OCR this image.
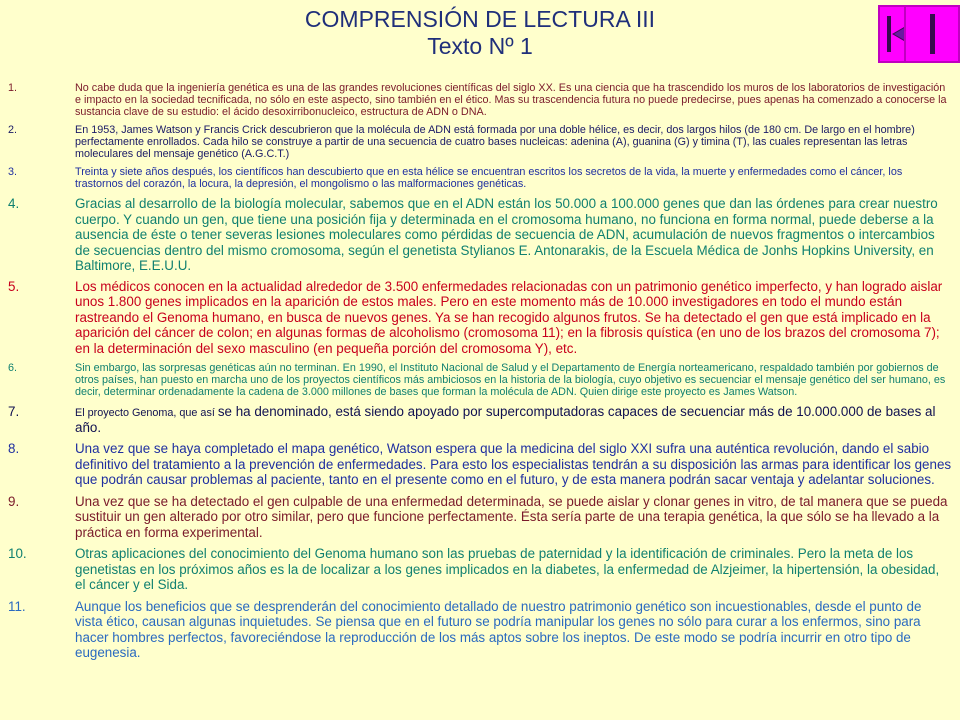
COMPRENSIÓN DE LECTURA III
Texto Nº 1
1.	No cabe duda que la ingeniería genética es una de las grandes revoluciones científicas del siglo XX. Es una ciencia que ha trascendido los muros de los laboratorios de investigación e impacto en la sociedad tecnificada, no sólo en este aspecto, sino también en el ético. Mas su trascendencia futura no puede predecirse, pues apenas ha comenzado a conocerse la sustancia clave de su estudio: el ácido desoxirribonucleico, estructura de ADN o DNA.
2.	En 1953, James Watson y Francis Crick descubrieron que la molécula de ADN está formada por una doble hélice, es decir, dos largos hilos (de 180 cm. De largo en el hombre) perfectamente enrollados. Cada hilo se construye a partir de una secuencia de cuatro bases nucleicas: adenina (A), guanina (G) y timina (T), las cuales representan las letras moleculares del mensaje genético (A.G.C.T.)
3.	Treinta y siete años después, los científicos han descubierto que en esta hélice se encuentran escritos los secretos de la vida, la muerte y enfermedades como el cáncer, los trastornos del corazón, la locura, la depresión, el mongolismo o las malformaciones genéticas.
4.	Gracias al desarrollo de la biología molecular, sabemos que en el ADN están los 50.000 a 100.000 genes que dan las órdenes para crear nuestro cuerpo. Y cuando un gen, que tiene una posición fija y determinada en el cromosoma humano, no funciona en forma normal, puede deberse a la ausencia de éste o tener severas lesiones moleculares como pérdidas de secuencia de ADN, acumulación de nuevos fragmentos o intercambios de secuencias dentro del mismo cromosoma, según el genetista Stylianos E. Antonarakis, de la Escuela Médica de Jonhs Hopkins University, en Baltimore, E.E.U.U.
5.	Los médicos conocen en la actualidad alrededor de 3.500 enfermedades relacionadas con un patrimonio genético imperfecto, y han logrado aislar unos 1.800 genes implicados en la aparición de estos males. Pero en este momento más de 10.000 investigadores en todo el mundo están rastreando el Genoma humano, en busca de nuevos genes. Ya se han recogido algunos frutos. Se ha detectado el gen que está implicado en la aparición del cáncer de colon; en algunas formas de alcoholismo (cromosoma 11); en la fibrosis quística (en uno de los brazos del cromosoma 7); en la determinación del sexo masculino (en pequeña porción del cromosoma Y), etc.
6.	Sin embargo, las sorpresas genéticas aún no terminan. En 1990, el Instituto Nacional de Salud y el Departamento de Energía norteamericano, respaldado también por gobiernos de otros países, han puesto en marcha uno de los proyectos científicos más ambiciosos en la historia de la biología, cuyo objetivo es secuenciar el mensaje genético del ser humano, es decir, determinar ordenadamente la cadena de 3.000 millones de bases que forman la molécula de ADN. Quien dirige este proyecto es James Watson.
7.	El proyecto Genoma, que así se ha denominado, está siendo apoyado por supercomputadoras capaces de secuenciar más de 10.000.000 de bases al año.
8.	Una vez que se haya completado el mapa genético, Watson espera que la medicina del siglo XXI sufra una auténtica revolución, dando el sabio definitivo del tratamiento a la prevención de enfermedades. Para esto los especialistas tendrán a su disposición las armas para identificar los genes que podrán causar problemas al paciente, tanto en el presente como en el futuro, y de esta manera podrán sacar ventaja y adelantar soluciones.
9.	Una vez que se ha detectado el gen culpable de una enfermedad determinada, se puede aislar y clonar genes in vitro, de tal manera que se pueda sustituir un gen alterado por otro similar, pero que funcione perfectamente. Ésta sería parte de una terapia genética, la que sólo se ha llevado a la práctica en forma experimental.
10.	Otras aplicaciones del conocimiento del Genoma humano son las pruebas de paternidad y la identificación de criminales. Pero la meta de los genetistas en los próximos años es la de localizar a los genes implicados en la diabetes, la enfermedad de Alzjeimer, la hipertensión, la obesidad, el cáncer y el Sida.
11.	Aunque los beneficios que se desprenderán del conocimiento detallado de nuestro patrimonio genético son incuestionables, desde el punto de vista ético, causan algunas inquietudes. Se piensa que en el futuro se podría manipular los genes no sólo para curar a los enfermos, sino para hacer hombres perfectos, favoreciéndose la reproducción de los más aptos sobre los ineptos. De este modo se podría incurrir en otro tipo de eugenesia.
